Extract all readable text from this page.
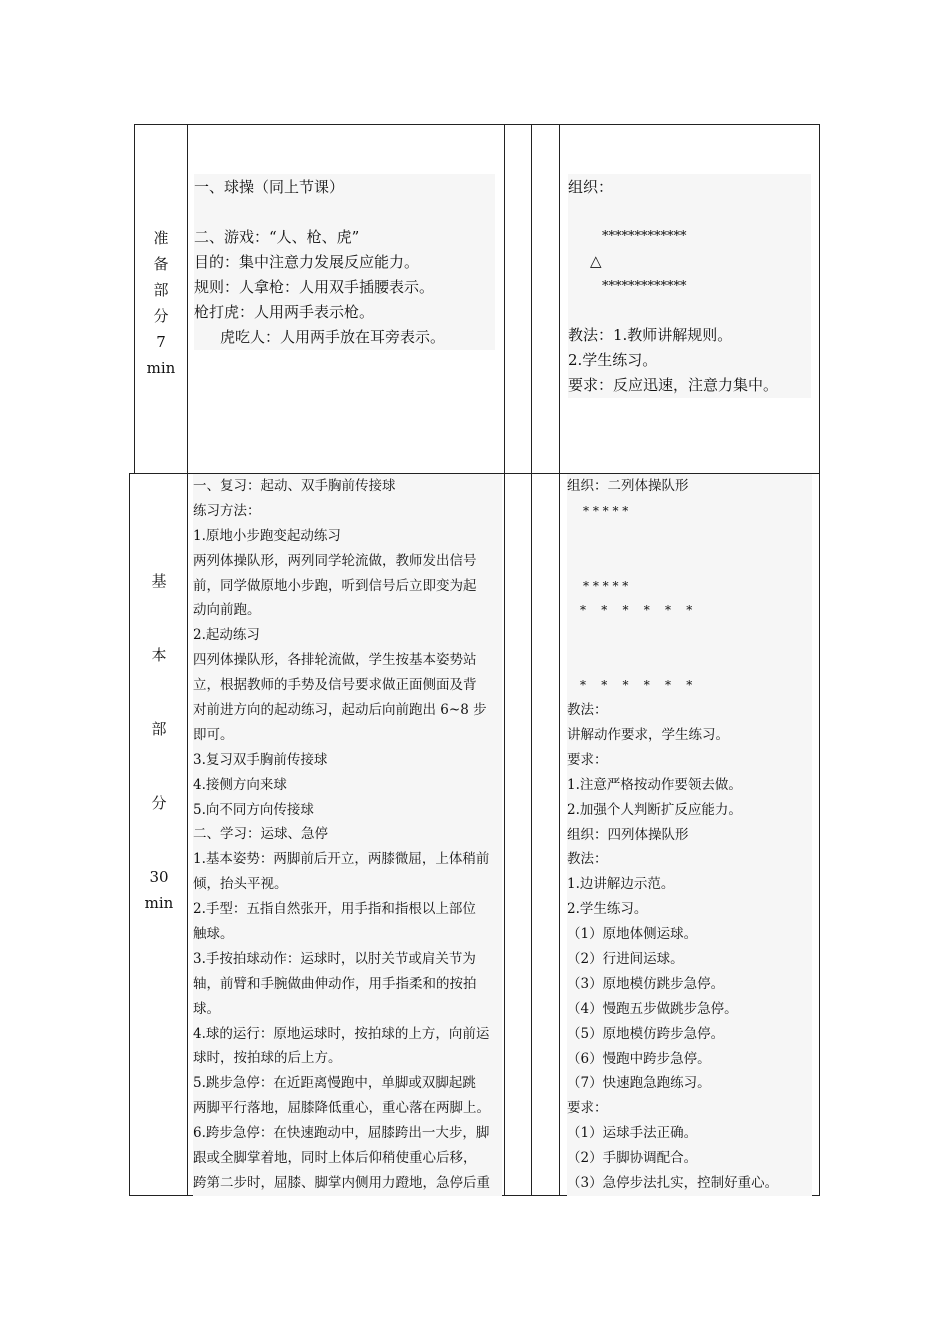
准
备
部
分
7
min
一、球操（同上节课）
二、游戏：“人、枪、虎”
目的：集中注意力发展反应能力。
规则：人拿枪：人用双手插腰表示。
枪打虎：人用两手表示枪。
虎吃人：人用两手放在耳旁表示。
组织：
*************
△
*************
教法：1.教师讲解规则。
2.学生练习。
要求：反应迅速，注意力集中。
基
本
部
分
30
min
一、复习：起动、双手胸前传接球
练习方法：
1.原地小步跑变起动练习
两列体操队形，两列同学轮流做，教师发出信号
前，同学做原地小步跑，听到信号后立即变为起
动向前跑。
2.起动练习
四列体操队形，各排轮流做，学生按基本姿势站
立，根据教师的手势及信号要求做正面侧面及背
对前进方向的起动练习，起动后向前跑出 6~8 步
即可。
3.复习双手胸前传接球
4.接侧方向来球
5.向不同方向传接球
二、学习：运球、急停
1.基本姿势：两脚前后开立，两膝微屈，上体稍前
倾，抬头平视。
2.手型：五指自然张开，用手指和指根以上部位
触球。
3.手按拍球动作：运球时，以肘关节或肩关节为
轴，前臂和手腕做曲伸动作，用手指柔和的按拍
球。
4.球的运行：原地运球时，按拍球的上方，向前运
球时，按拍球的后上方。
5.跳步急停：在近距离慢跑中，单脚或双脚起跳
两脚平行落地，屈膝降低重心，重心落在两脚上。
6.跨步急停：在快速跑动中，屈膝跨出一大步，脚
跟或全脚掌着地，同时上体后仰稍使重心后移，
跨第二步时，屈膝、脚掌内侧用力蹬地，急停后重
组织：二列体操队形
* * * * *
* * * * *
*    *    *    *    *    *
*    *    *    *    *    *
教法：
讲解动作要求，学生练习。
要求：
1.注意严格按动作要领去做。
2.加强个人判断扩反应能力。
组织：四列体操队形
教法：
1.边讲解边示范。
2.学生练习。
（1）原地体侧运球。
（2）行进间运球。
（3）原地模仿跳步急停。
（4）慢跑五步做跳步急停。
（5）原地模仿跨步急停。
（6）慢跑中跨步急停。
（7）快速跑急跑练习。
要求：
（1）运球手法正确。
（2）手脚协调配合。
（3）急停步法扎实，控制好重心。
